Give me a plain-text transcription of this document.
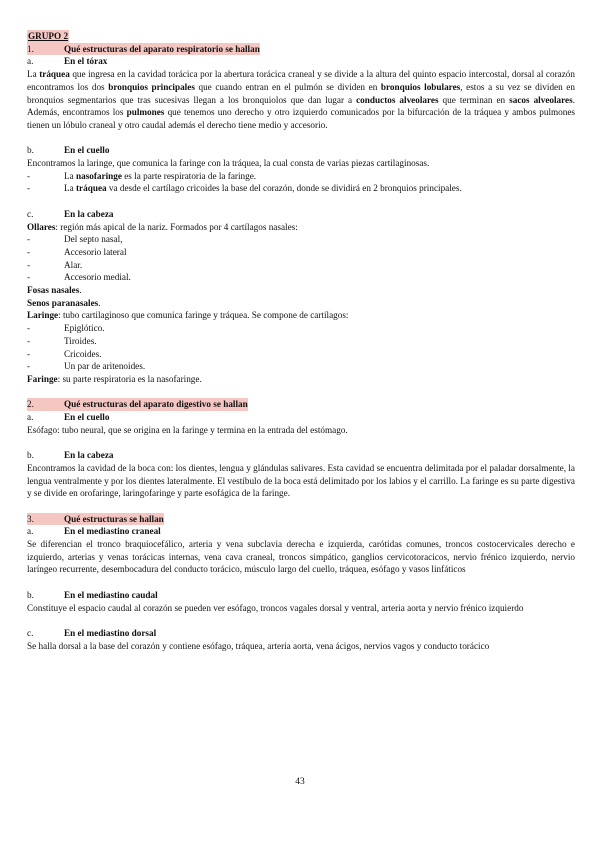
GRUPO 2
1.	Qué estructuras del aparato respiratorio se hallan
a.	En el tórax

La tráquea que ingresa en la cavidad torácica por la abertura torácica craneal y se divide a la altura del quinto espacio intercostal, dorsal al corazón encontramos los dos bronquios principales que cuando entran en el pulmón se dividen en bronquios lobulares, estos a su vez se dividen en bronquios segmentarios que tras sucesivas llegan a los bronquiolos que dan lugar a conductos alveolares que terminan en sacos alveolares. Además, encontramos los pulmones que tenemos uno derecho y otro izquierdo comunicados por la bifurcación de la tráquea y ambos pulmones tienen un lóbulo craneal y otro caudal además el derecho tiene medio y accesorio.

b.	En el cuello

Encontramos la laringe, que comunica la faringe con la tráquea, la cual consta de varias piezas cartilaginosas.

-	La nasofaringe es la parte respiratoria de la faringe.
-	La tráquea va desde el cartílago cricoides la base del corazón, donde se dividirá en 2 bronquios principales.
c.	En la cabeza

Ollares: región más apical de la nariz. Formados por 4 cartílagos nasales:

-	Del septo nasal,
-	Accesorio lateral
-	Alar.
-	Accesorio medial.

Fosas nasales.

Senos paranasales.

Laringe: tubo cartilaginoso que comunica faringe y tráquea. Se compone de cartílagos:

-	Epiglótico.
-	Tiroides.
-	Cricoides.
-	Un par de aritenoides.

Faringe: su parte respiratoria es la nasofaringe.

2.	Qué estructuras del aparato digestivo se hallan
a.	En el cuello

Esófago: tubo neural, que se origina en la faringe y termina en la entrada del estómago.

b.	En la cabeza

Encontramos la cavidad de la boca con: los dientes, lengua y glándulas salivares. Esta cavidad se encuentra delimitada por el paladar dorsalmente, la lengua ventralmente y por los dientes lateralmente. El vestíbulo de la boca está delimitado por los labios y el carrillo. La faringe es su parte digestiva y se divide en orofaringe, laringofaringe y parte esofágica de la faringe.

3.	Qué estructuras se hallan
a.	En el mediastino craneal

Se diferencian el tronco braquiocefálico, arteria y vena subclavia derecha e izquierda, carótidas comunes, troncos costocervicales derecho e izquierdo, arterias y venas torácicas internas, vena cava craneal, troncos simpático, ganglios cervicotoracicos, nervio frénico izquierdo, nervio laríngeo recurrente, desembocadura del conducto torácico, músculo largo del cuello, tráquea, esófago y vasos linfáticos

b.	En el mediastino caudal

Constituye el espacio caudal al corazón se pueden ver esófago, troncos vagales dorsal y ventral, arteria aorta y nervio frénico izquierdo

c.	En el mediastino dorsal

Se halla dorsal a la base del corazón y contiene esófago, tráquea, arteria aorta, vena ácigos, nervios vagos y conducto torácico

43
